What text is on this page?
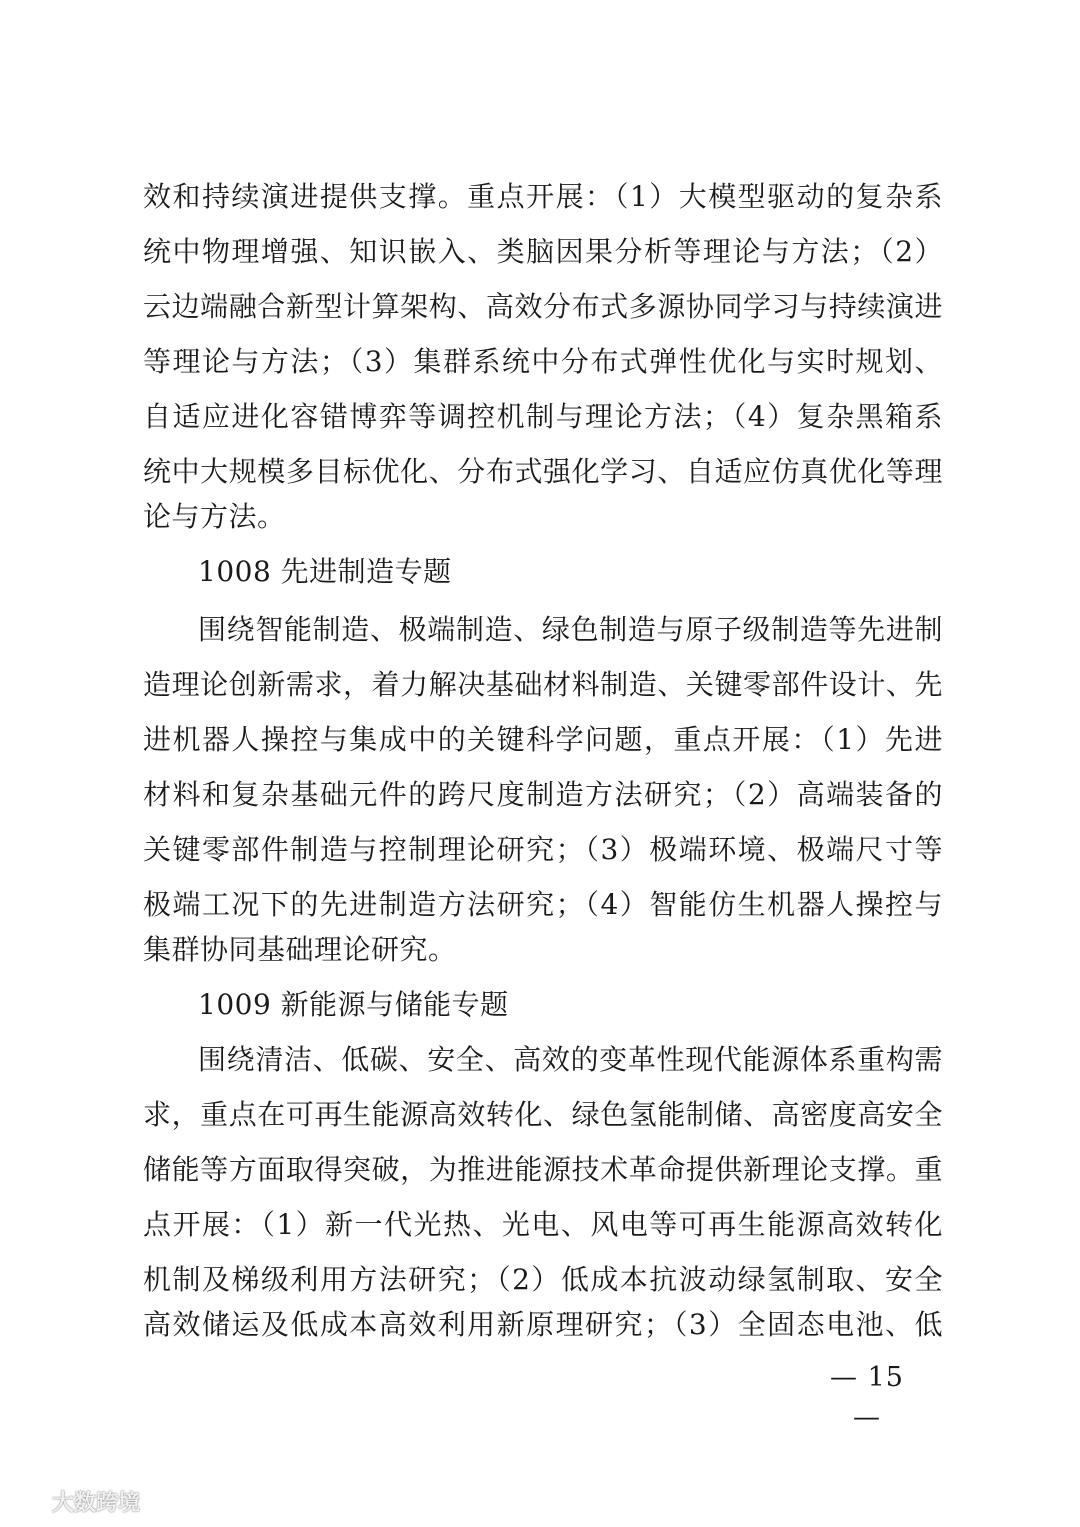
效和持续演进提供支撑。重点开展：（1）大模型驱动的复杂系
统中物理增强、知识嵌入、类脑因果分析等理论与方法；（2）
云边端融合新型计算架构、高效分布式多源协同学习与持续演进
等理论与方法；（3）集群系统中分布式弹性优化与实时规划、
自适应进化容错博弈等调控机制与理论方法；（4）复杂黑箱系
统中大规模多目标优化、分布式强化学习、自适应仿真优化等理
论与方法。
1008 先进制造专题
围绕智能制造、极端制造、绿色制造与原子级制造等先进制
造理论创新需求，着力解决基础材料制造、关键零部件设计、先
进机器人操控与集成中的关键科学问题，重点开展：（1）先进
材料和复杂基础元件的跨尺度制造方法研究；（2）高端装备的
关键零部件制造与控制理论研究；（3）极端环境、极端尺寸等
极端工况下的先进制造方法研究；（4）智能仿生机器人操控与
集群协同基础理论研究。
1009 新能源与储能专题
围绕清洁、低碳、安全、高效的变革性现代能源体系重构需
求，重点在可再生能源高效转化、绿色氢能制储、高密度高安全
储能等方面取得突破，为推进能源技术革命提供新理论支撑。重
点开展：（1）新一代光热、光电、风电等可再生能源高效转化
机制及梯级利用方法研究；（2）低成本抗波动绿氢制取、安全
高效储运及低成本高效利用新原理研究；（3）全固态电池、低
— 15 —
大数跨境
